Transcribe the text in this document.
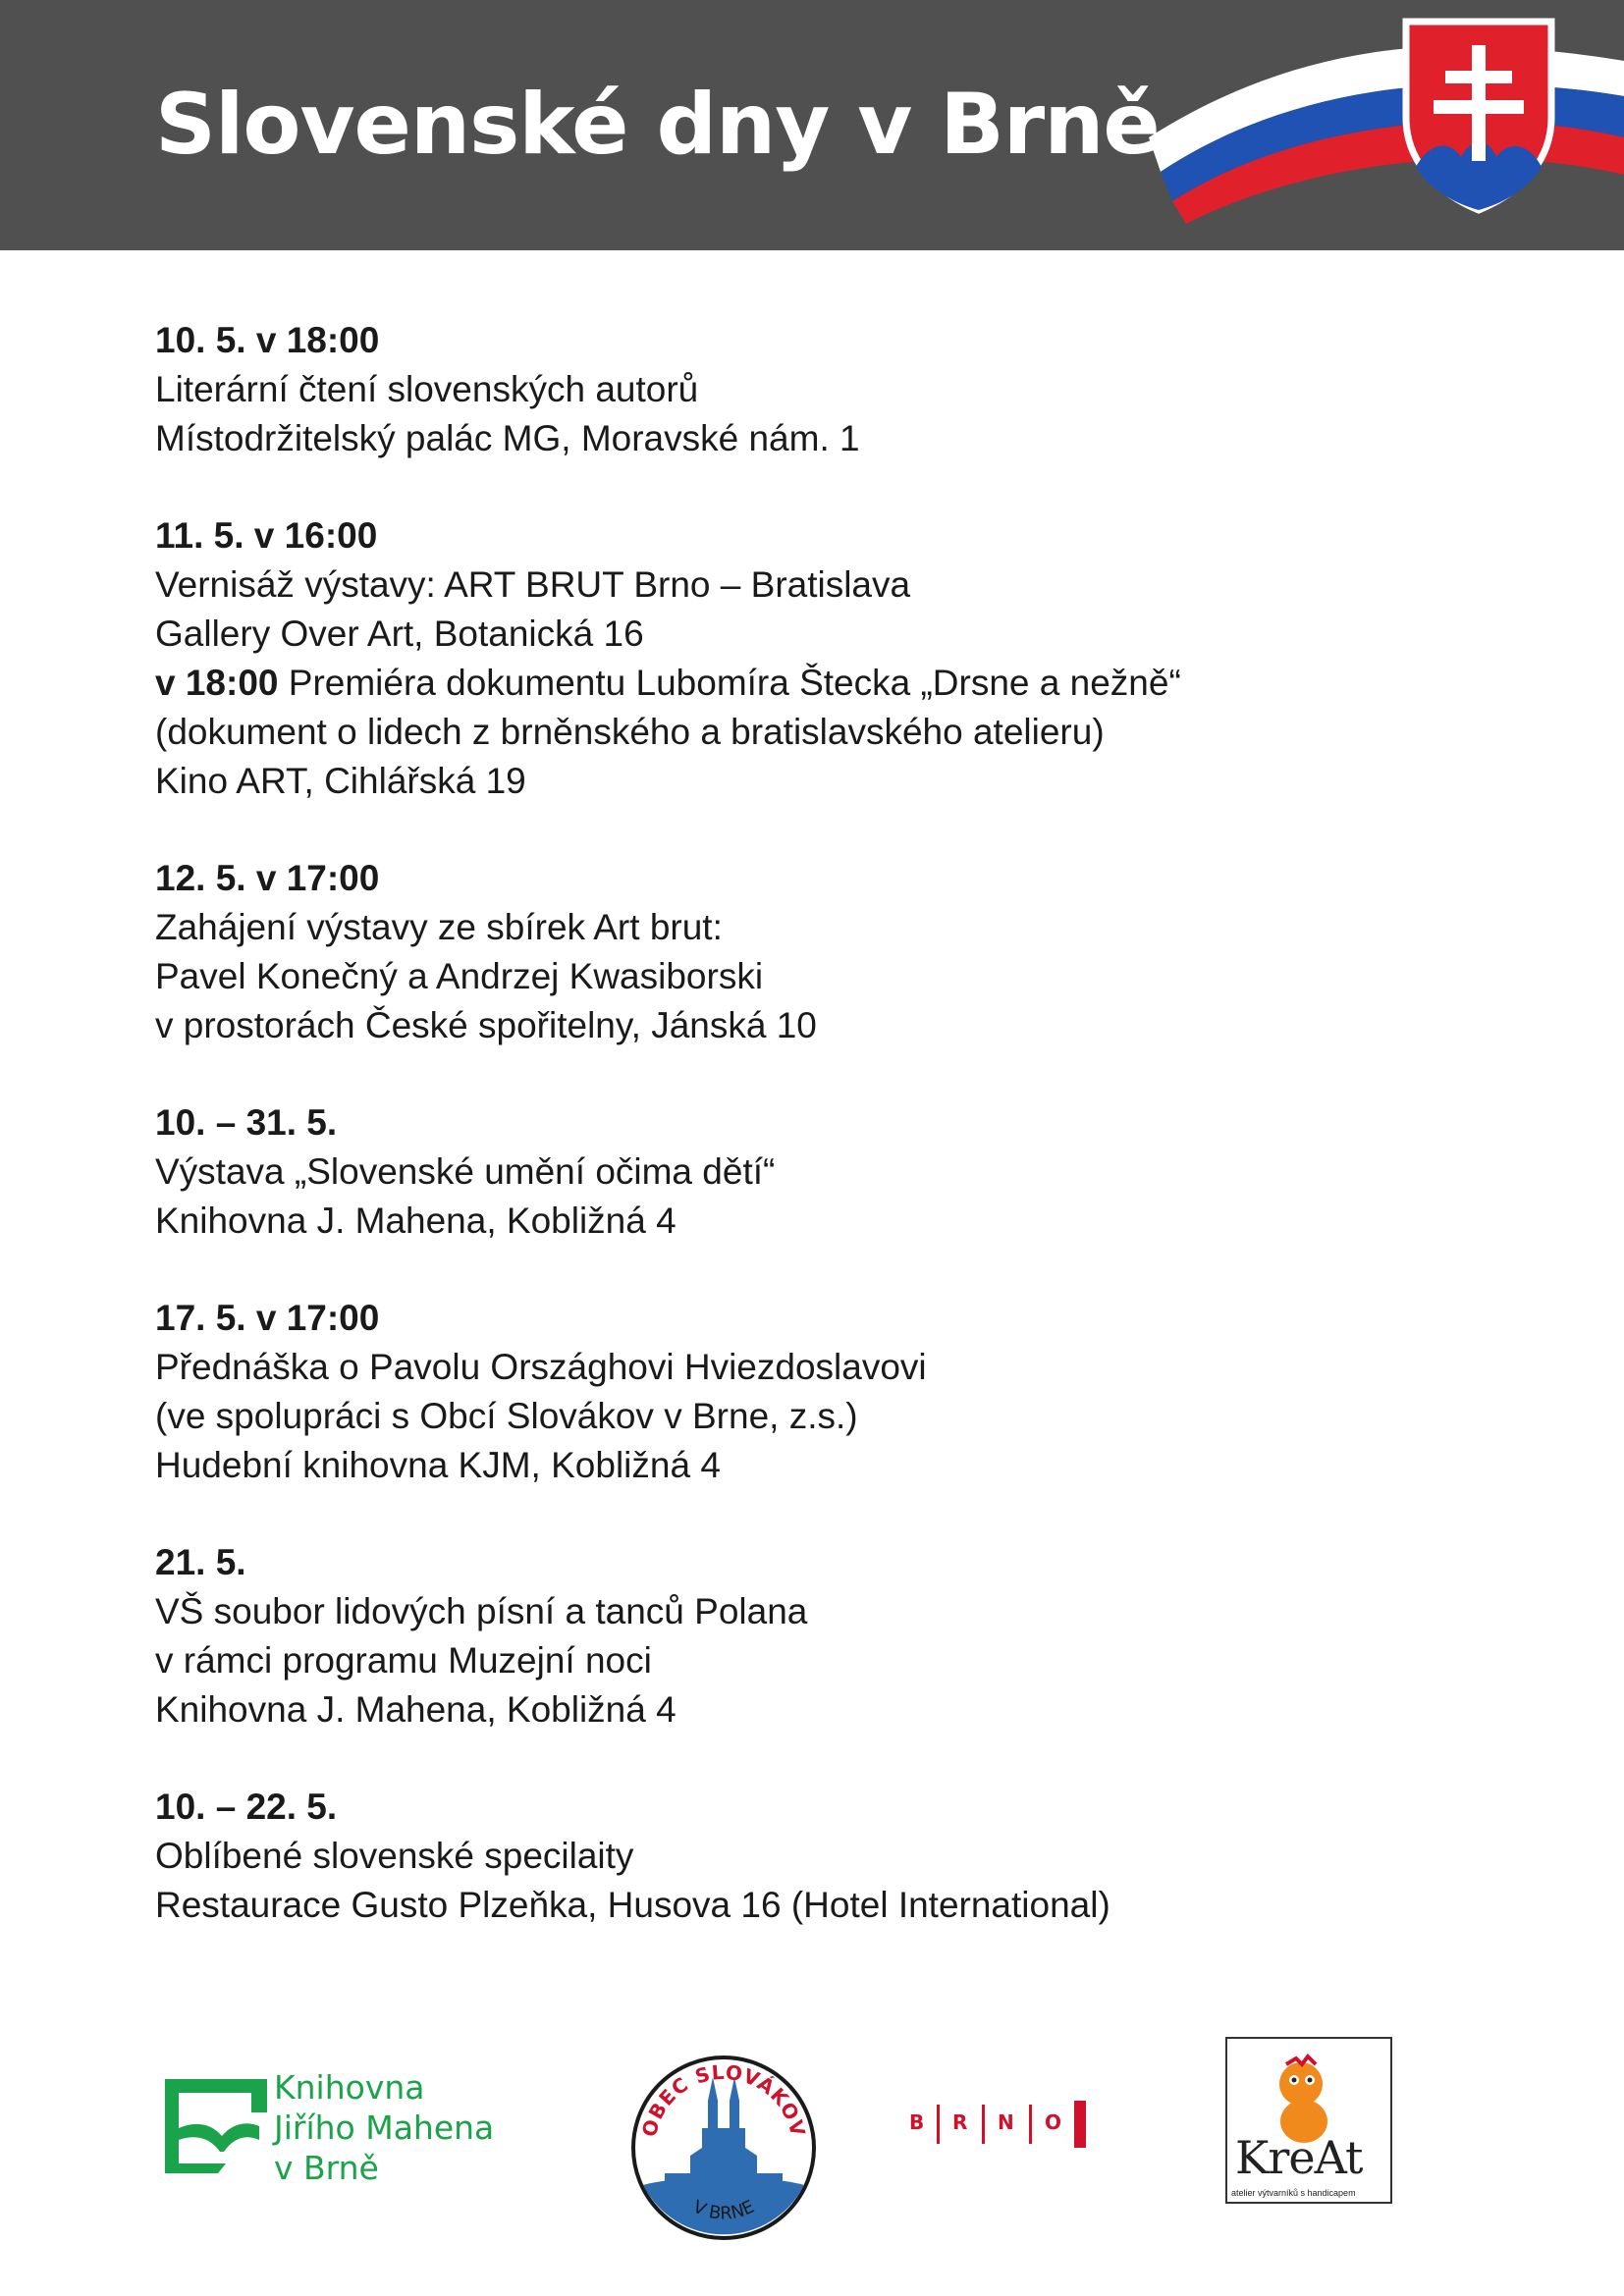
Slovenské dny v Brně
10. 5. v 18:00
Literární čtení slovenských autorů
Místodržitelský palác MG, Moravské nám. 1
11. 5. v 16:00
Vernisáž výstavy: ART BRUT Brno – Bratislava
Gallery Over Art, Botanická 16
v 18:00 Premiéra dokumentu Lubomíra Štecka „Drsne a nežně“
(dokument o lidech z brněnského a bratislavského atelieru)
Kino ART, Cihlářská 19
12. 5. v 17:00
Zahájení výstavy ze sbírek Art brut:
Pavel Konečný a Andrzej Kwasiborski
v prostorách České spořitelny, Jánská 10
10. – 31. 5.
Výstava „Slovenské umění očima dětí“
Knihovna J. Mahena, Kobližná 4
17. 5. v 17:00
Přednáška o Pavolu Országhovi Hviezdoslavovi
(ve spolupráci s Obcí Slovákov v Brne, z.s.)
Hudební knihovna KJM, Kobližná 4
21. 5.
VŠ soubor lidových písní a tanců Polana
v rámci programu Muzejní noci
Knihovna J. Mahena, Kobližná 4
10. – 22. 5.
Oblíbené slovenské specilaity
Restaurace Gusto Plzeňka, Husova 16 (Hotel International)
Knihovna
Jiřího Mahena
v Brně
OBEC SLOVÁKOV
V BRNE
B R N O
KreAt
atelier výtvarníků s handicapem
